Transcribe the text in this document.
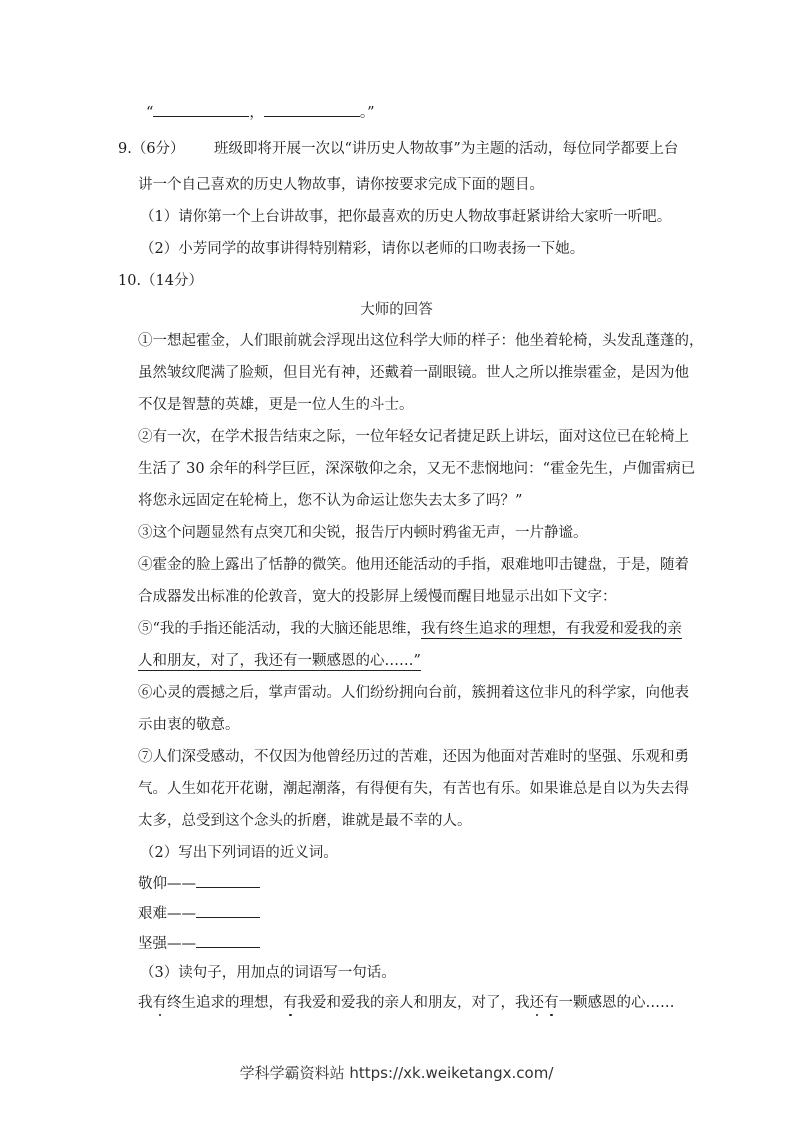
“	，	。”
9.（6分） 班级即将开展一次以“讲历史人物故事”为主题的活动，每位同学都要上台
讲一个自己喜欢的历史人物故事，请你按要求完成下面的题目。
（1）请你第一个上台讲故事，把你最喜欢的历史人物故事赶紧讲给大家听一听吧。
（2）小芳同学的故事讲得特别精彩，请你以老师的口吻表扬一下她。
10.（14分）
大师的回答
①一想起霍金，人们眼前就会浮现出这位科学大师的样子：他坐着轮椅，头发乱蓬蓬的，
虽然皱纹爬满了脸颊，但目光有神，还戴着一副眼镜。世人之所以推崇霍金，是因为他
不仅是智慧的英雄，更是一位人生的斗士。
②有一次，在学术报告结束之际，一位年轻女记者捷足跃上讲坛，面对这位已在轮椅上
生活了 30 余年的科学巨匠，深深敬仰之余，又无不悲悯地问：“霍金先生，卢伽雷病已
将您永远固定在轮椅上，您不认为命运让您失去太多了吗？”
③这个问题显然有点突兀和尖锐，报告厅内顿时鸦雀无声，一片静谧。
④霍金的脸上露出了恬静的微笑。他用还能活动的手指，艰难地叩击键盘，于是，随着
合成器发出标准的伦敦音，宽大的投影屏上缓慢而醒目地显示出如下文字：
⑤“我的手指还能活动，我的大脑还能思维，我有终生追求的理想，有我爱和爱我的亲
人和朋友，对了，我还有一颗感恩的心……”
⑥心灵的震撼之后，掌声雷动。人们纷纷拥向台前，簇拥着这位非凡的科学家，向他表
示由衷的敬意。
⑦人们深受感动，不仅因为他曾经历过的苦难，还因为他面对苦难时的坚强、乐观和勇
气。人生如花开花谢，潮起潮落，有得便有失，有苦也有乐。如果谁总是自以为失去得
太多，总受到这个念头的折磨，谁就是最不幸的人。
（2）写出下列词语的近义词。
敬仰——
艰难——
坚强——
（3）读句子，用加点的词语写一句话。
我有终生追求的理想，有我爱和爱我的亲人和朋友，对了，我还有一颗感恩的心……
学科学霸资料站 https://xk.weiketangx.com/
